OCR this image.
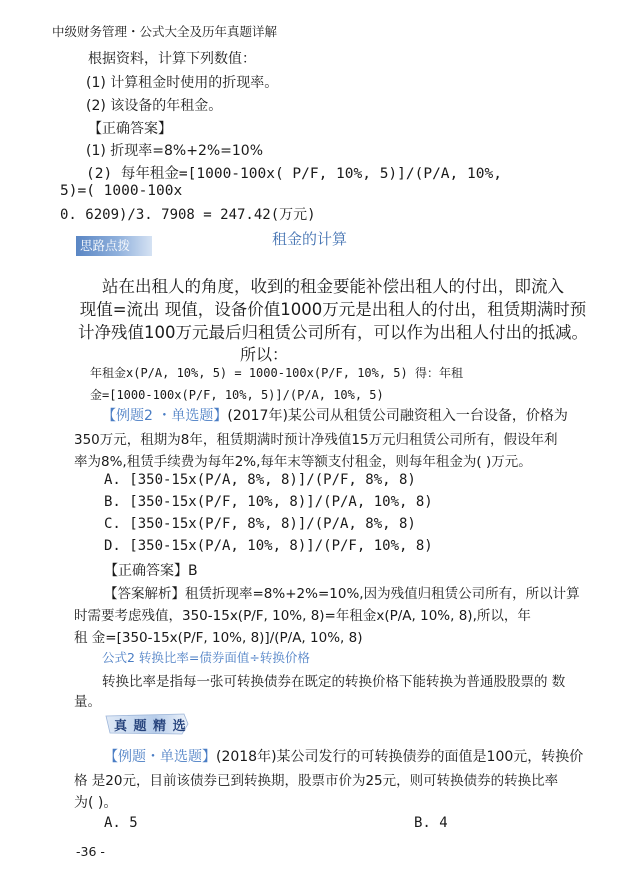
中级财务管理・公式大全及历年真题详解
根据资料，计算下列数值：
(1) 计算租金时使用的折现率。
(2) 该设备的年租金。
【正确答案】
(1) 折现率=8%+2%=10%
(2) 每年租金=[1000-100x( P/F, 10%, 5)]/(P/A, 10%,
5)=( 1000-100x
0. 6209)/3. 7908 = 247.42(万元)
思路点拨	租金的计算
站在出租人的角度，收到的租金要能补偿出租人的付出，即流入
现值=流出 现值，设备价值1000万元是出租人的付出，租赁期满时预
计净残值100万元最后归租赁公司所有，可以作为出租人付出的抵减。
所以：
年租金x(P/A, 10%, 5) = 1000-100x(P/F, 10%, 5) 得：年租
金=[1000-100x(P/F, 10%, 5)]/(P/A, 10%, 5)
【例题2 ・单选题】(2017年)某公司从租赁公司融资租入一台设备，价格为
350万元，租期为8年，租赁期满时预计净残值15万元归租赁公司所有，假设年利
率为8%,租赁手续费为每年2%,每年末等额支付租金，则每年租金为( )万元。
A. [350-15x(P/A, 8%, 8)]/(P/F, 8%, 8)
B. [350-15x(P/F, 10%, 8)]/(P/A, 10%, 8)
C. [350-15x(P/F, 8%, 8)]/(P/A, 8%, 8)
D. [350-15x(P/A, 10%, 8)]/(P/F, 10%, 8)
【正确答案】B
【答案解析】租赁折现率=8%+2%=10%,因为残值归租赁公司所有，所以计算
时需要考虑残值，350-15x(P/F, 10%, 8)=年租金x(P/A, 10%, 8),所以，年
租 金=[350-15x(P/F, 10%, 8)]/(P/A, 10%, 8)
公式2 转换比率=债券面值÷转换价格
转换比率是指每一张可转换债券在既定的转换价格下能转换为普通股股票的 数
量。
真 题 精 选
【例题・单选题】(2018年)某公司发行的可转换债券的面值是100元，转换价
格 是20元，目前该债券已到转换期，股票市价为25元，则可转换债券的转换比率
为( )。
A. 5	B. 4
-36 -
